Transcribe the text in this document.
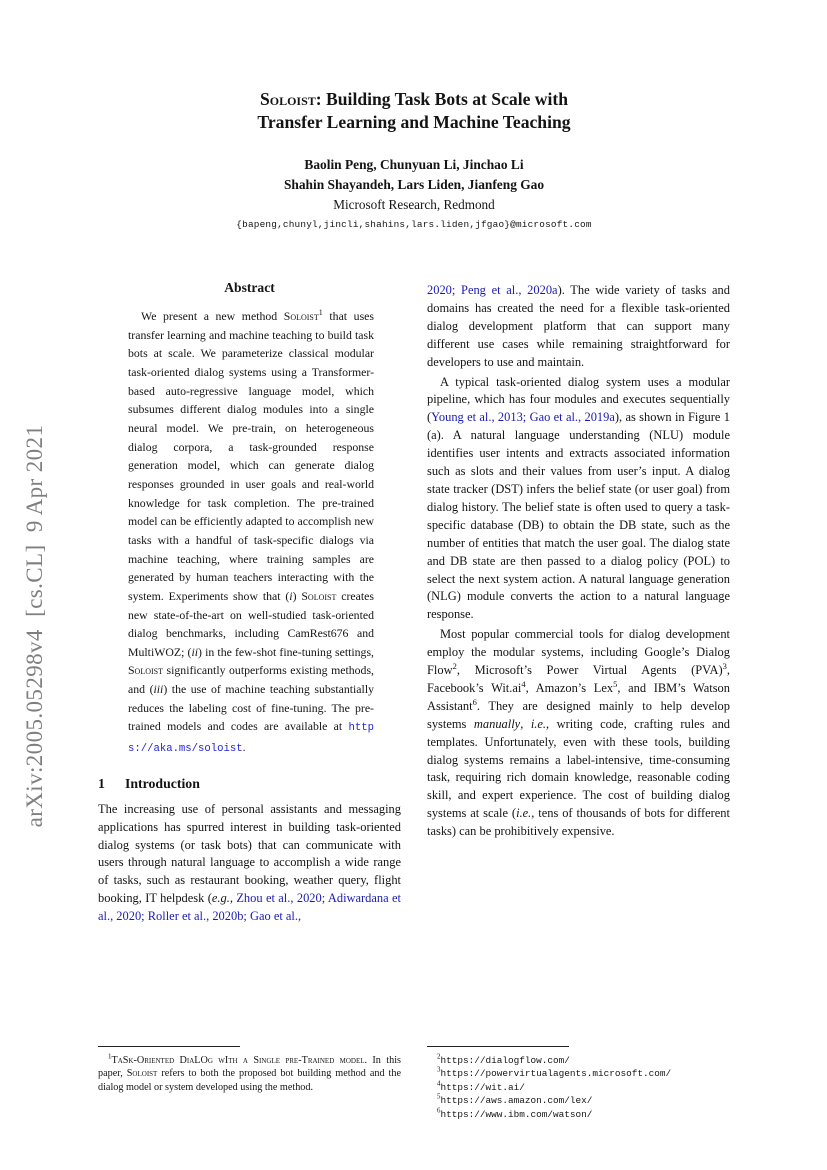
arXiv:2005.05298v4  [cs.CL]  9 Apr 2021
Soloist: Building Task Bots at Scale with
Transfer Learning and Machine Teaching
Baolin Peng, Chunyuan Li, Jinchao Li
Shahin Shayandeh, Lars Liden, Jianfeng Gao
Microsoft Research, Redmond
{bapeng,chunyl,jincli,shahins,lars.liden,jfgao}@microsoft.com
Abstract

We present a new method Soloist$^1$ that uses transfer learning and machine teaching to build task bots at scale. We parameterize classical modular task-oriented dialog systems using a Transformer-based auto-regressive language model, which subsumes different dialog modules into a single neural model. We pre-train, on heterogeneous dialog corpora, a task-grounded response generation model, which can generate dialog responses grounded in user goals and real-world knowledge for task completion. The pre-trained model can be efficiently adapted to accomplish new tasks with a handful of task-specific dialogs via machine teaching, where training samples are generated by human teachers interacting with the system. Experiments show that (i) Soloist creates new state-of-the-art on well-studied task-oriented dialog benchmarks, including CamRest676 and MultiWOZ; (ii) in the few-shot fine-tuning settings, Soloist significantly outperforms existing methods, and (iii) the use of machine teaching substantially reduces the labeling cost of fine-tuning. The pre-trained models and codes are available at https://aka.ms/soloist.

1 Introduction

The increasing use of personal assistants and messaging applications has spurred interest in building task-oriented dialog systems (or task bots) that can communicate with users through natural language to accomplish a wide range of tasks, such as restaurant booking, weather query, flight booking, IT helpdesk (e.g., Zhou et al., 2020; Adiwardana et al., 2020; Roller et al., 2020b; Gao et al.,

2020; Peng et al., 2020a). The wide variety of tasks and domains has created the need for a flexible task-oriented dialog development platform that can support many different use cases while remaining straightforward for developers to use and maintain.

A typical task-oriented dialog system uses a modular pipeline, which has four modules and executes sequentially (Young et al., 2013; Gao et al., 2019a), as shown in Figure 1 (a). A natural language understanding (NLU) module identifies user intents and extracts associated information such as slots and their values from user’s input. A dialog state tracker (DST) infers the belief state (or user goal) from dialog history. The belief state is often used to query a task-specific database (DB) to obtain the DB state, such as the number of entities that match the user goal. The dialog state and DB state are then passed to a dialog policy (POL) to select the next system action. A natural language generation (NLG) module converts the action to a natural language response.

Most popular commercial tools for dialog development employ the modular systems, including Google’s Dialog Flow$^2$, Microsoft’s Power Virtual Agents (PVA)$^3$, Facebook’s $Wit.ai^4$, Amazon’s Lex$^5$, and IBM’s Watson Assistant$^6$. They are designed mainly to help develop systems manually, i.e., writing code, crafting rules and templates. Unfortunately, even with these tools, building dialog systems remains a label-intensive, time-consuming task, requiring rich domain knowledge, reasonable coding skill, and expert experience. The cost of building dialog systems at scale (i.e., tens of thousands of bots for different tasks) can be prohibitively expensive.

$^1$TaSk-Oriented DiaLOg wIth a Single pre-Trained model. In this paper, Soloist refers to both the proposed bot building method and the dialog model or system developed using the method.

$^2$https://dialogflow.com/
$^3$https://powervirtualagents.microsoft.com/
$^4$https://wit.ai/
$^5$https://aws.amazon.com/lex/
$^6$https://www.ibm.com/watson/
